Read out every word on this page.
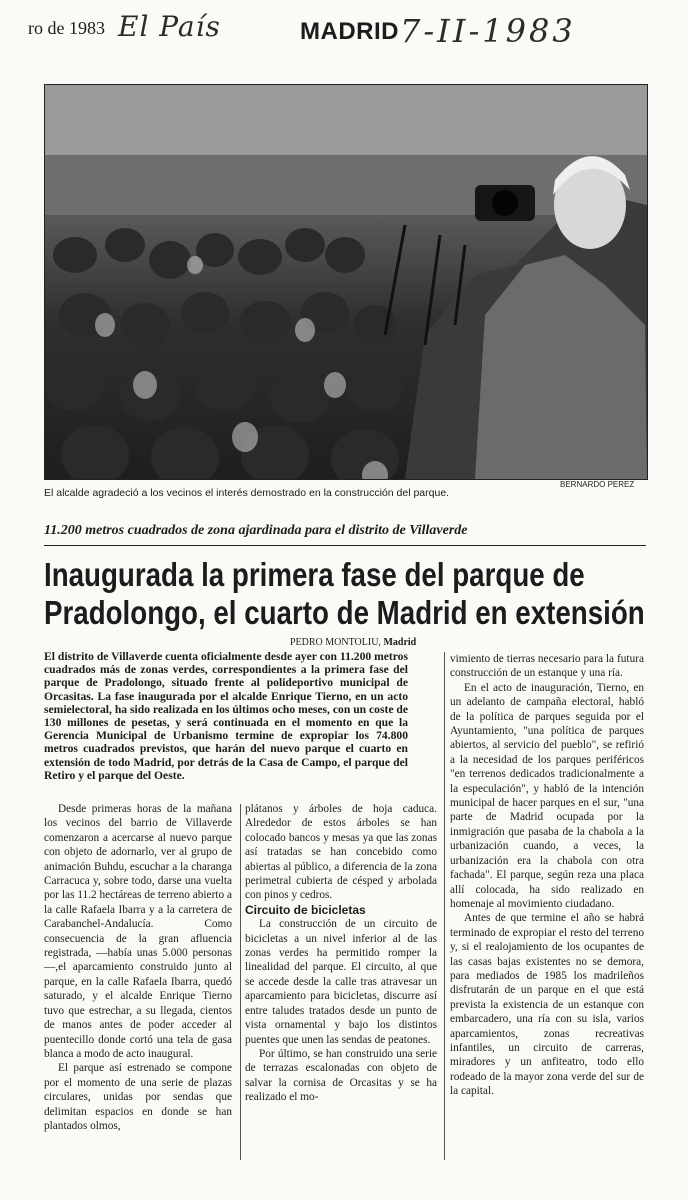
ro de 1983 El País	MADRID 7-II-1983
BERNARDO PEREZ
El alcalde agradeció a los vecinos el interés demostrado en la construcción del parque.
11.200 metros cuadrados de zona ajardinada para el distrito de Villaverde
Inaugurada la primera fase del parque de
Pradolongo, el cuarto de Madrid en extensión
PEDRO MONTOLIU, Madrid
El distrito de Villaverde cuenta oficialmente desde ayer con 11.200 metros cuadrados más de zonas verdes, correspondientes a la primera fase del parque de Pradolongo, situado frente al polideportivo municipal de Orcasitas. La fase inaugurada por el alcalde Enrique Tierno, en un acto semielectoral, ha sido realizada en los últimos ocho meses, con un coste de 130 millones de pesetas, y será continuada en el momento en que la Gerencia Municipal de Urbanismo termine de expropiar los 74.800 metros cuadrados previstos, que harán del nuevo parque el cuarto en extensión de todo Madrid, por detrás de la Casa de Campo, el parque del Retiro y el parque del Oeste.

Desde primeras horas de la mañana los vecinos del barrio de Villaverde comenzaron a acercarse al nuevo parque con objeto de adornarlo, ver al grupo de animación Buhdu, escuchar a la charanga Carracuca y, sobre todo, darse una vuelta por las 11.2 hectáreas de terreno abierto a la calle Rafaela Ibarra y a la carretera de Carabanchel-Andalucía. Como consecuencia de la gran afluencia registrada, —había unas 5.000 personas—,el aparcamiento construido junto al parque, en la calle Rafaela Ibarra, quedó saturado, y el alcalde Enrique Tierno tuvo que estrechar, a su llegada, cientos de manos antes de poder acceder al puentecillo donde cortó una tela de gasa blanca a modo de acto inaugural.

El parque así estrenado se compone por el momento de una serie de plazas circulares, unidas por sendas que delimitan espacios en donde se han plantados olmos,

plátanos y árboles de hoja caduca. Alrededor de estos árboles se han colocado bancos y mesas ya que las zonas así tratadas se han concebido como abiertas al público, a diferencia de la zona perimetral cubierta de césped y arbolada con pinos y cedros.

Circuito de bicicletas

La construcción de un circuito de bicicletas a un nivel inferior al de las zonas verdes ha permitido romper la linealidad del parque. El circuito, al que se accede desde la calle tras atravesar un aparcamiento para bicicletas, discurre así entre taludes tratados desde un punto de vista ornamental y bajo los distintos puentes que unen las sendas de peatones.

Por último, se han construido una serie de terrazas escalonadas con objeto de salvar la cornisa de Orcasitas y se ha realizado el mo-

vimiento de tierras necesario para la futura construcción de un estanque y una ría.

En el acto de inauguración, Tierno, en un adelanto de campaña electoral, habló de la política de parques seguida por el Ayuntamiento, "una política de parques abiertos, al servicio del pueblo", se refirió a la necesidad de los parques periféricos "en terrenos dedicados tradicionalmente a la especulación", y habló de la intención municipal de hacer parques en el sur, "una parte de Madrid ocupada por la inmigración que pasaba de la chabola a la urbanización cuando, a veces, la urbanización era la chabola con otra fachada". El parque, según reza una placa allí colocada, ha sido realizado en homenaje al movimiento ciudadano.

Antes de que termine el año se habrá terminado de expropiar el resto del terreno y, si el realojamiento de los ocupantes de las casas bajas existentes no se demora, para mediados de 1985 los madrileños disfrutarán de un parque en el que está prevista la existencia de un estanque con embarcadero, una ría con su isla, varios aparcamientos, zonas recreativas infantiles, un circuito de carreras, miradores y un anfiteatro, todo ello rodeado de la mayor zona verde del sur de la capital.
